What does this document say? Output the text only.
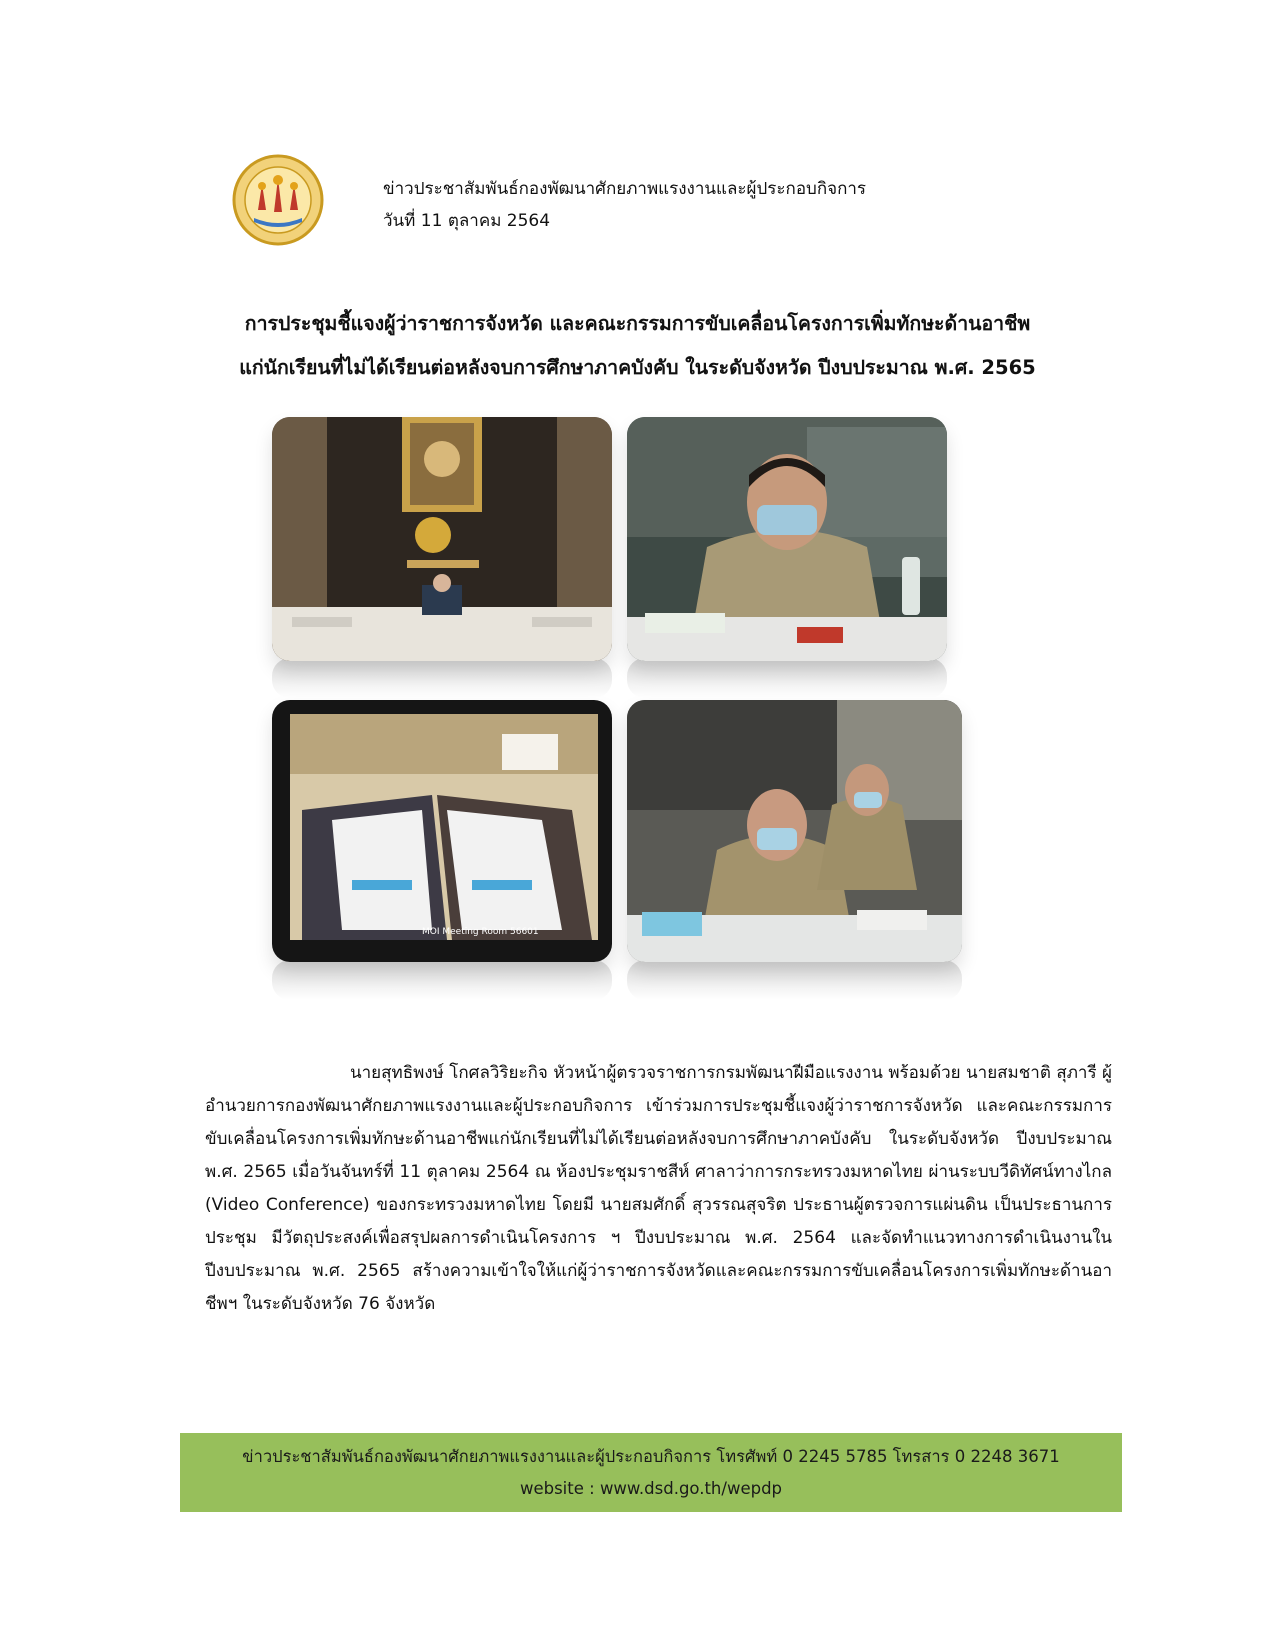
ข่าวประชาสัมพันธ์กองพัฒนาศักยภาพแรงงานและผู้ประกอบกิจการ
วันที่ 11 ตุลาคม 2564
การประชุมชี้แจงผู้ว่าราชการจังหวัด และคณะกรรมการขับเคลื่อนโครงการเพิ่มทักษะด้านอาชีพ
แก่นักเรียนที่ไม่ได้เรียนต่อหลังจบการศึกษาภาคบังคับ ในระดับจังหวัด ปีงบประมาณ พ.ศ. 2565
MOI Meeting Room 56601

นายสุทธิพงษ์ โกศลวิริยะกิจ หัวหน้าผู้ตรวจราชการกรมพัฒนาฝีมือแรงงาน พร้อมด้วย นายสมชาติ สุภารี ผู้อำนวยการกองพัฒนาศักยภาพแรงงานและผู้ประกอบกิจการ เข้าร่วมการประชุมชี้แจงผู้ว่าราชการจังหวัด และคณะกรรมการขับเคลื่อนโครงการเพิ่มทักษะด้านอาชีพแก่นักเรียนที่ไม่ได้เรียนต่อหลังจบการศึกษาภาคบังคับ ในระดับจังหวัด ปีงบประมาณ พ.ศ. 2565 เมื่อวันจันทร์ที่ 11 ตุลาคม 2564 ณ ห้องประชุมราชสีห์ ศาลาว่าการกระทรวงมหาดไทย ผ่านระบบวีดิทัศน์ทางไกล (Video Conference) ของกระทรวงมหาดไทย โดยมี นายสมศักดิ์ สุวรรณสุจริต ประธานผู้ตรวจการแผ่นดิน เป็นประธานการประชุม มีวัตถุประสงค์เพื่อสรุปผลการดำเนินโครงการ ฯ ปีงบประมาณ พ.ศ. 2564 และจัดทำแนวทางการดำเนินงานในปีงบประมาณ พ.ศ. 2565 สร้างความเข้าใจให้แก่ผู้ว่าราชการจังหวัดและคณะกรรมการขับเคลื่อนโครงการเพิ่มทักษะด้านอาชีพฯ ในระดับจังหวัด 76 จังหวัด

ข่าวประชาสัมพันธ์กองพัฒนาศักยภาพแรงงานและผู้ประกอบกิจการ โทรศัพท์ 0 2245 5785 โทรสาร 0 2248 3671
website : www.dsd.go.th/wepdp
